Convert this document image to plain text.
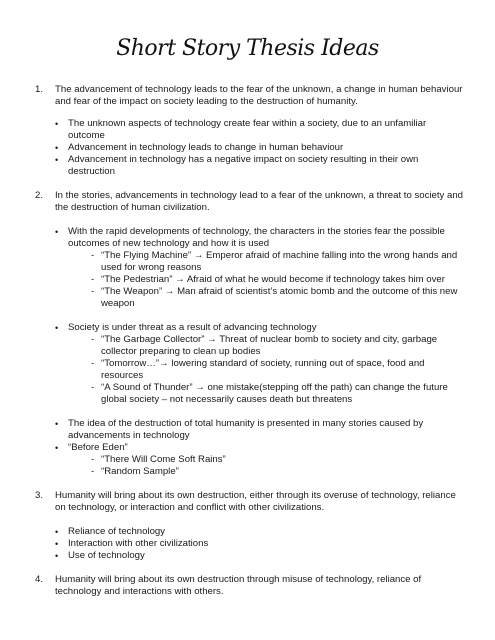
Short Story Thesis Ideas
1.	The advancement of technology leads to the fear of the unknown, a change in human behaviour and fear of the impact on society leading to the destruction of humanity.
•	The unknown aspects of technology create fear within a society, due to an unfamiliar outcome
•	Advancement in technology leads to change in human behaviour
•	Advancement in technology has a negative impact on society resulting in their own destruction
2.	In the stories, advancements in technology lead to a fear of the unknown, a threat to society and the destruction of human civilization.
•	With the rapid developments of technology, the characters in the stories fear the possible outcomes of new technology and how it is used
- “The Flying Machine” → Emperor afraid of machine falling into the wrong hands and used for wrong reasons
- “The Pedestrian” → Afraid of what he would become if technology takes him over
- “The Weapon” → Man afraid of scientist’s atomic bomb and the outcome of this new weapon
•	Society is under threat as a result of advancing technology
- “The Garbage Collector” → Threat of nuclear bomb to society and city, garbage collector preparing to clean up bodies
- “Tomorrow…”→ lowering standard of society, running out of space, food and resources
- “A Sound of Thunder” → one mistake(stepping off the path) can change the future global society – not necessarily causes death but threatens
•	The idea of the destruction of total humanity is presented in many stories caused by advancements in technology
•	“Before Eden”
- “There Will Come Soft Rains”
- “Random Sample”
3.	Humanity will bring about its own destruction, either through its overuse of technology, reliance on technology, or interaction and conflict with other civilizations.
•	Reliance of technology
•	Interaction with other civilizations
•	Use of technology
4.	Humanity will bring about its own destruction through misuse of technology, reliance of technology and interactions with others.
